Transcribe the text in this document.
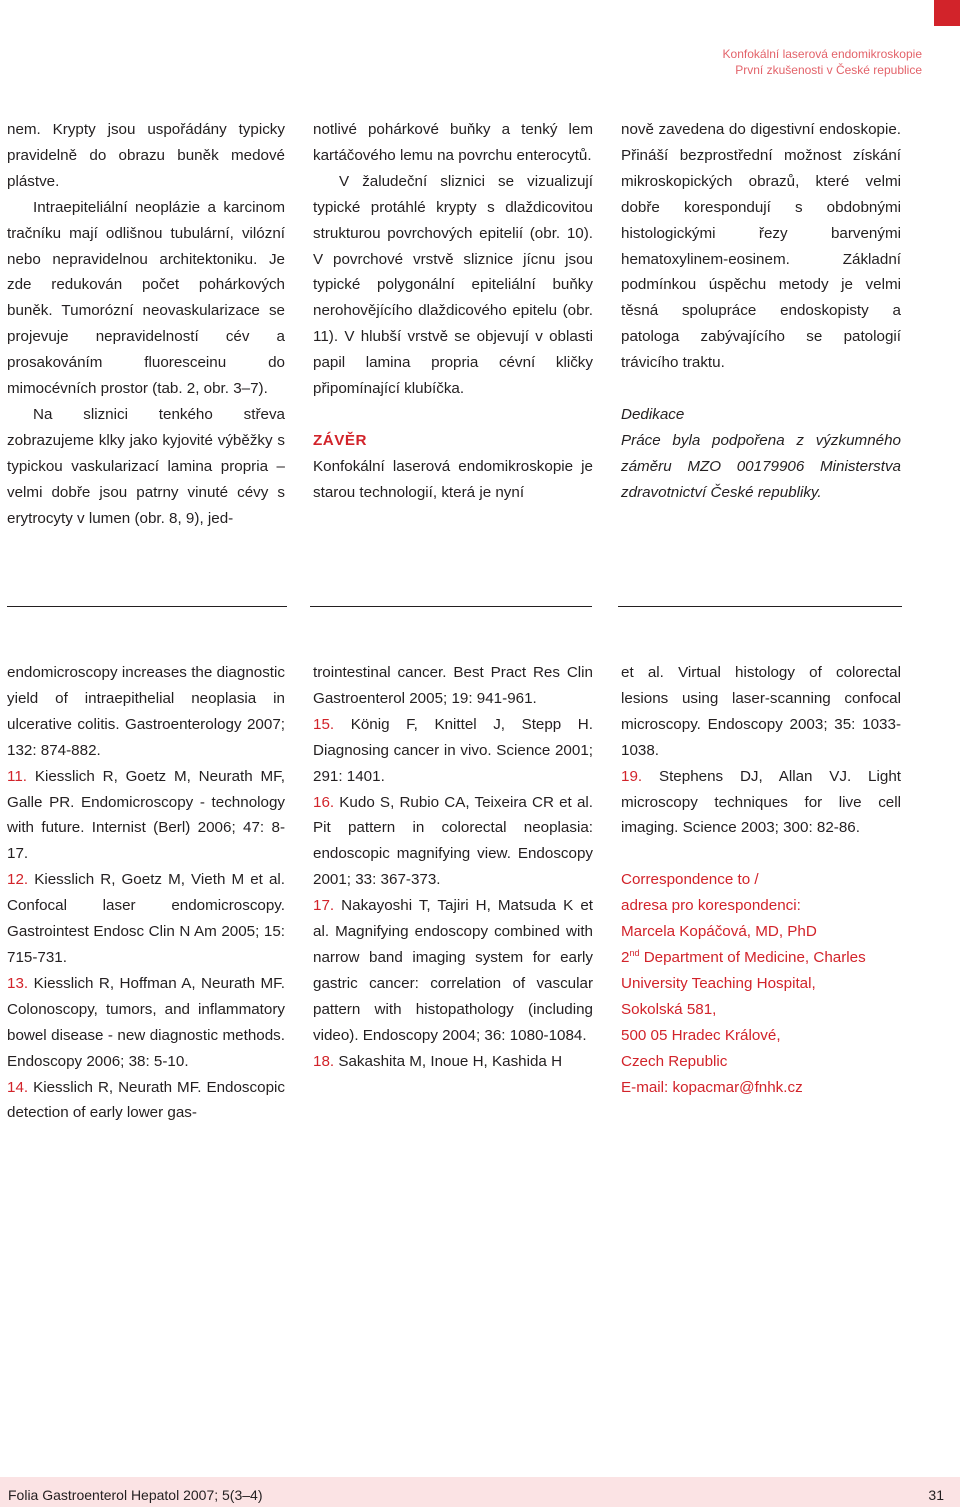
Konfokální laserová endomikroskopie
První zkušenosti v České republice

nem. Krypty jsou uspořádány typicky pravidelně do obrazu buněk medové plástve.

Intraepiteliální neoplázie a karcinom tračníku mají odlišnou tubulární, vilózní nebo nepravidelnou architektoniku. Je zde redukován počet pohárkových buněk. Tumorózní neovaskularizace se projevuje nepravidelností cév a prosakováním fluoresceinu do mimocévních prostor (tab. 2, obr. 3–7).

Na sliznici tenkého střeva zobrazujeme klky jako kyjovité výběžky s typickou vaskularizací lamina propria – velmi dobře jsou patrny vinuté cévy s erytrocyty v lumen (obr. 8, 9), jed-

notlivé pohárkové buňky a tenký lem kartáčového lemu na povrchu enterocytů.

V žaludeční sliznici se vizualizují typické protáhlé krypty s dlaždicovitou strukturou povrchových epitelií (obr. 10). V povrchové vrstvě sliznice jícnu jsou typické polygonální epiteliální buňky nerohovějícího dlaždicového epitelu (obr. 11). V hlubší vrstvě se objevují v oblasti papil lamina propria cévní kličky připomínající klubíčka.

ZÁVĚR

Konfokální laserová endomikroskopie je starou technologií, která je nyní

nově zavedena do digestivní endoskopie. Přináší bezprostřední možnost získání mikroskopických obrazů, které velmi dobře korespondují s obdobnými histologickými řezy barvenými hematoxylinem-eosinem. Základní podmínkou úspěchu metody je velmi těsná spolupráce endoskopisty a patologa zabývajícího se patologií trávicího traktu.

Dedikace

Práce byla podpořena z výzkumného záměru MZO 00179906 Ministerstva zdravotnictví České republiky.

endomicroscopy increases the diagnostic yield of intraepithelial neoplasia in ulcerative colitis. Gastroenterology 2007; 132: 874-882.

11. Kiesslich R, Goetz M, Neurath MF, Galle PR. Endomicroscopy - technology with future. Internist (Berl) 2006; 47: 8-17.

12. Kiesslich R, Goetz M, Vieth M et al. Confocal laser endomicroscopy. Gastrointest Endosc Clin N Am 2005; 15: 715-731.

13. Kiesslich R, Hoffman A, Neurath MF. Colonoscopy, tumors, and inflammatory bowel disease - new diagnostic methods. Endoscopy 2006; 38: 5-10.

14. Kiesslich R, Neurath MF. Endoscopic detection of early lower gas-

trointestinal cancer. Best Pract Res Clin Gastroenterol 2005; 19: 941-961.

15. König F, Knittel J, Stepp H. Diagnosing cancer in vivo. Science 2001; 291: 1401.

16. Kudo S, Rubio CA, Teixeira CR et al. Pit pattern in colorectal neoplasia: endoscopic magnifying view. Endoscopy 2001; 33: 367-373.

17. Nakayoshi T, Tajiri H, Matsuda K et al. Magnifying endoscopy combined with narrow band imaging system for early gastric cancer: correlation of vascular pattern with histopathology (including video). Endoscopy 2004; 36: 1080-1084.

18. Sakashita M, Inoue H, Kashida H

et al. Virtual histology of colorectal lesions using laser-scanning confocal microscopy. Endoscopy 2003; 35: 1033-1038.

19. Stephens DJ, Allan VJ. Light microscopy techniques for live cell imaging. Science 2003; 300: 82-86.

Correspondence to /
adresa pro korespondenci:
Marcela Kopáčová, MD, PhD
2nd Department of Medicine, Charles
University Teaching Hospital,
Sokolská 581,
500 05 Hradec Králové,
Czech Republic
E-mail: kopacmar@fnhk.cz
Folia Gastroenterol Hepatol 2007; 5(3–4)	31
